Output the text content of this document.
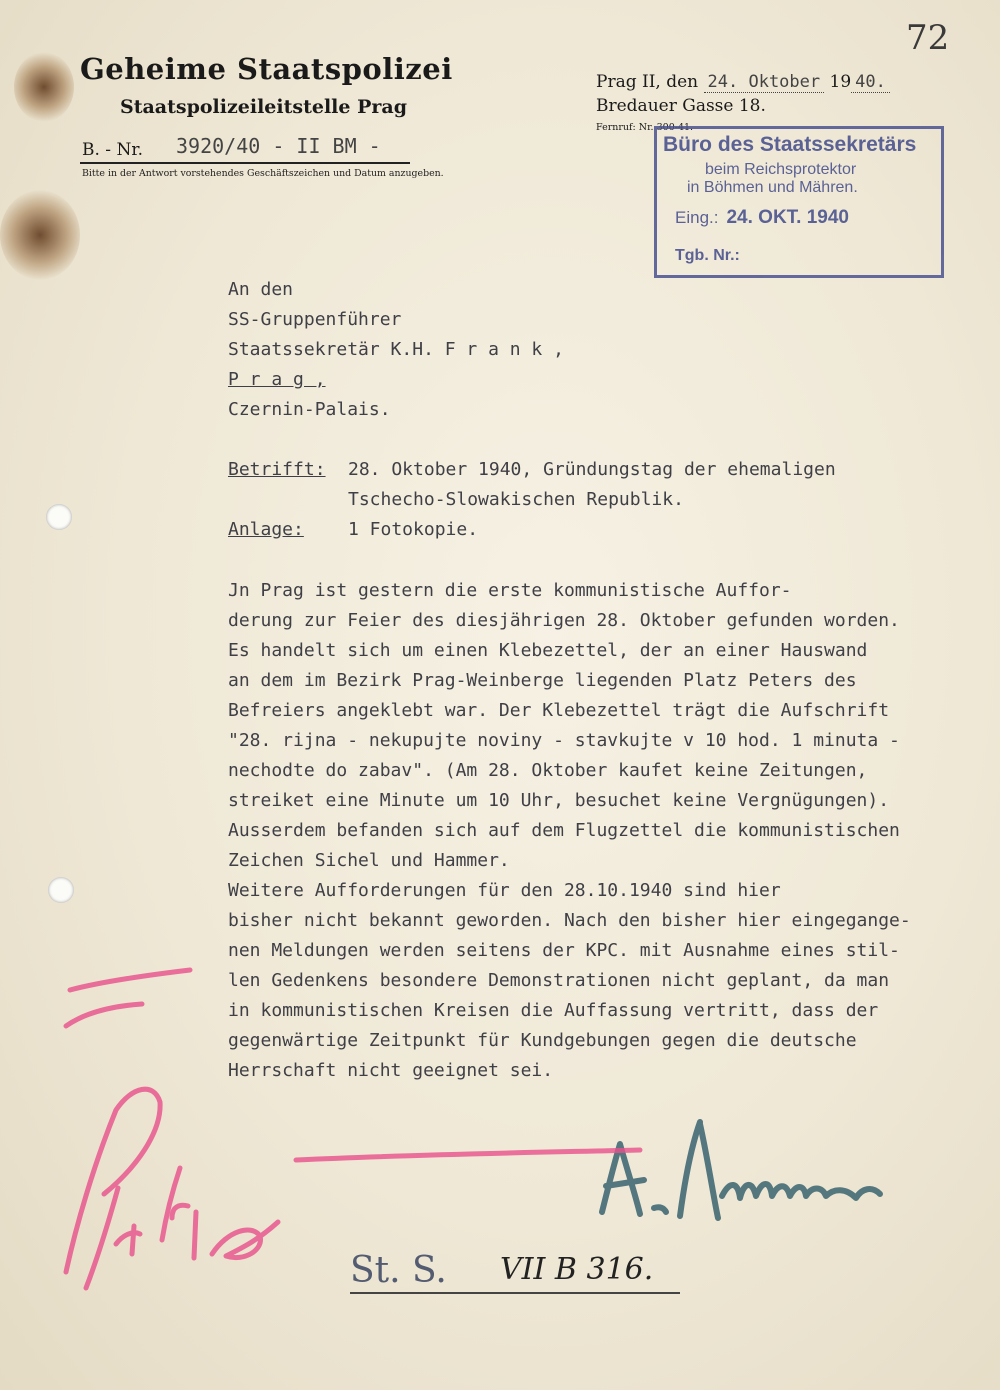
72
Geheime Staatspolizei
Staatspolizeileitstelle Prag
B. - Nr. 3920/40 - II BM -
Bitte in der Antwort vorstehendes Geschäftszeichen und Datum anzugeben.
Prag II, den 24. Oktober 19 40.
Bredauer Gasse 18.
Fernruf: Nr. 300-41.
Büro des Staatssekretärs
beim Reichsprotektor
in Böhmen und Mähren.
Eing.: 24. OKT. 1940
Tgb. Nr.:
An den
SS-Gruppenführer
Staatssekretär K.H. F r a n k ,
P r a g ,
Czernin-Palais.
Betrifft: 28. Oktober 1940, Gründungstag der ehemaligen
Tschecho-Slowakischen Republik.
Anlage: 1 Fotokopie.
Jn Prag ist gestern die erste kommunistische Auffor-
derung zur Feier des diesjährigen 28. Oktober gefunden worden.
Es handelt sich um einen Klebezettel, der an einer Hauswand
an dem im Bezirk Prag-Weinberge liegenden Platz Peters des
Befreiers angeklebt war. Der Klebezettel trägt die Aufschrift
"28. rijna - nekupujte noviny - stavkujte v 10 hod. 1 minuta -
nechodte do zabav". (Am 28. Oktober kaufet keine Zeitungen,
streiket eine Minute um 10 Uhr, besuchet keine Vergnügungen).
Ausserdem befanden sich auf dem Flugzettel die kommunistischen
Zeichen Sichel und Hammer.
Weitere Aufforderungen für den 28.10.1940 sind hier
bisher nicht bekannt geworden. Nach den bisher hier eingegange-
nen Meldungen werden seitens der KPC. mit Ausnahme eines stil-
len Gedenkens besondere Demonstrationen nicht geplant, da man
in kommunistischen Kreisen die Auffassung vertritt, dass der
gegenwärtige Zeitpunkt für Kundgebungen gegen die deutsche
Herrschaft nicht geeignet sei.
St. S. VII B 316.
